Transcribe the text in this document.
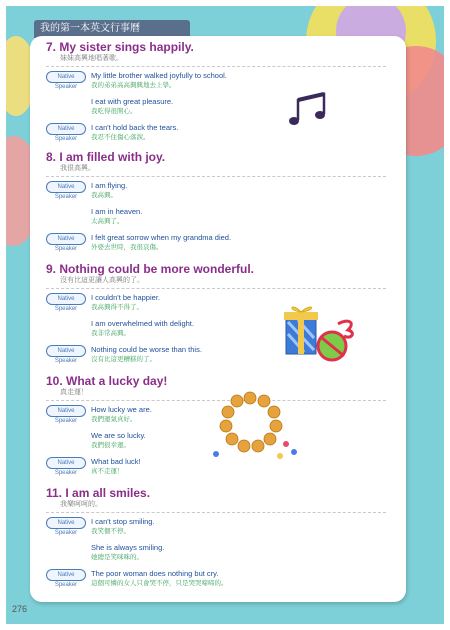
我的第一本英文行事曆
7. My sister sings happily.
妹妹高興地唱著歌。
Native Speaker
My little brother walked joyfully to school.
我的弟弟高高興興地去上學。
I eat with great pleasure.
我吃得很開心。
Native Speaker
I can't hold back the tears.
我忍不住傷心落淚。
8. I am filled with joy.
我很高興。
Native Speaker
I am flying.
我高興。
I am in heaven.
太高興了。
Native Speaker
I felt great sorrow when my grandma died.
外婆去世時，我很哀傷。
9. Nothing could be more wonderful.
沒有比這更讓人高興的了。
Native Speaker
I couldn't be happier.
我高興得不得了。
I am overwhelmed with delight.
我非常高興。
Native Speaker
Nothing could be worse than this.
沒有比這更糟糕的了。
10. What a lucky day!
真走運！
Native Speaker
How lucky we are.
我們運氣真好。
We are so lucky.
我們很幸運。
Native Speaker
What bad luck!
真不走運！
11. I am all smiles.
我樂呵呵的。
Native Speaker
I can't stop smiling.
我笑個不停。
She is always smiling.
她總是笑咪咪的。
Native Speaker
The poor woman does nothing but cry.
這個可憐的女人只會哭不停，只是哭哭啼啼的。
276
